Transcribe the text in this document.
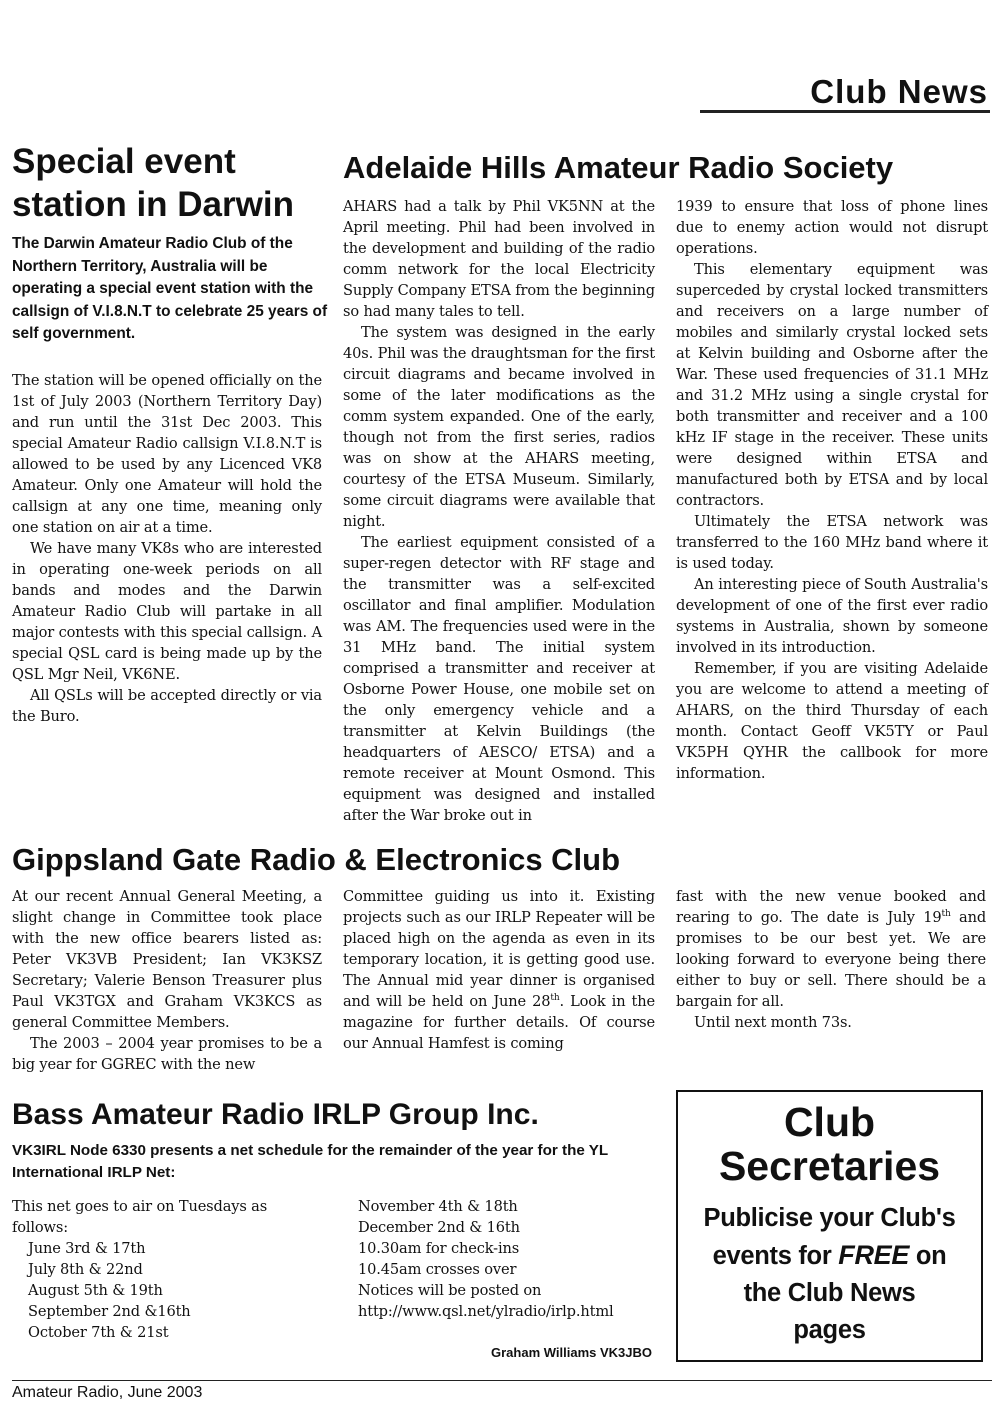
Club News
Special event station in Darwin
The Darwin Amateur Radio Club of the Northern Territory, Australia will be operating a special event station with the callsign of V.I.8.N.T to celebrate 25 years of self government.

The station will be opened officially on the 1st of July 2003 (Northern Territory Day) and run until the 31st Dec 2003. This special Amateur Radio callsign V.I.8.N.T is allowed to be used by any Licenced VK8 Amateur. Only one Amateur will hold the callsign at any one time, meaning only one station on air at a time.

We have many VK8s who are interested in operating one-week periods on all bands and modes and the Darwin Amateur Radio Club will partake in all major contests with this special callsign. A special QSL card is being made up by the QSL Mgr Neil, VK6NE.

All QSLs will be accepted directly or via the Buro.

Adelaide Hills Amateur Radio Society

AHARS had a talk by Phil VK5NN at the April meeting. Phil had been involved in the development and building of the radio comm network for the local Electricity Supply Company ETSA from the beginning so had many tales to tell.

The system was designed in the early 40s. Phil was the draughtsman for the first circuit diagrams and became involved in some of the later modifications as the comm system expanded. One of the early, though not from the first series, radios was on show at the AHARS meeting, courtesy of the ETSA Museum. Similarly, some circuit diagrams were available that night.

The earliest equipment consisted of a super-regen detector with RF stage and the transmitter was a self-excited oscillator and final amplifier. Modulation was AM. The frequencies used were in the 31 MHz band. The initial system comprised a transmitter and receiver at Osborne Power House, one mobile set on the only emergency vehicle and a transmitter at Kelvin Buildings (the headquarters of AESCO/ ETSA) and a remote receiver at Mount Osmond. This equipment was designed and installed after the War broke out in

1939 to ensure that loss of phone lines due to enemy action would not disrupt operations.

This elementary equipment was superceded by crystal locked transmitters and receivers on a large number of mobiles and similarly crystal locked sets at Kelvin building and Osborne after the War. These used frequencies of 31.1 MHz and 31.2 MHz using a single crystal for both transmitter and receiver and a 100 kHz IF stage in the receiver. These units were designed within ETSA and manufactured both by ETSA and by local contractors.

Ultimately the ETSA network was transferred to the 160 MHz band where it is used today.

An interesting piece of South Australia's development of one of the first ever radio systems in Australia, shown by someone involved in its introduction.

Remember, if you are visiting Adelaide you are welcome to attend a meeting of AHARS, on the third Thursday of each month. Contact Geoff VK5TY or Paul VK5PH QYHR the callbook for more information.

Gippsland Gate Radio & Electronics Club

At our recent Annual General Meeting, a slight change in Committee took place with the new office bearers listed as: Peter VK3VB President; Ian VK3KSZ Secretary; Valerie Benson Treasurer plus Paul VK3TGX and Graham VK3KCS as general Committee Members.

The 2003 – 2004 year promises to be a big year for GGREC with the new

Committee guiding us into it. Existing projects such as our IRLP Repeater will be placed high on the agenda as even in its temporary location, it is getting good use. The Annual mid year dinner is organised and will be held on June 28th. Look in the magazine for further details. Of course our Annual Hamfest is coming

fast with the new venue booked and rearing to go. The date is July 19th and promises to be our best yet. We are looking forward to everyone being there either to buy or sell. There should be a bargain for all.

Until next month 73s.

Bass Amateur Radio IRLP Group Inc.
VK3IRL Node 6330 presents a net schedule for the remainder of the year for the YL International IRLP Net:

This net goes to air on Tuesdays as follows:

June 3rd & 17th

July 8th & 22nd

August 5th & 19th

September 2nd &16th

October 7th & 21st

November 4th & 18th

December 2nd & 16th

10.30am for check-ins

10.45am crosses over

Notices will be posted on

http://www.qsl.net/ylradio/irlp.html

Graham Williams VK3JBO
Club
Secretaries
Publicise your Club's
events for FREE on
the Club News
pages
Amateur Radio, June 2003
